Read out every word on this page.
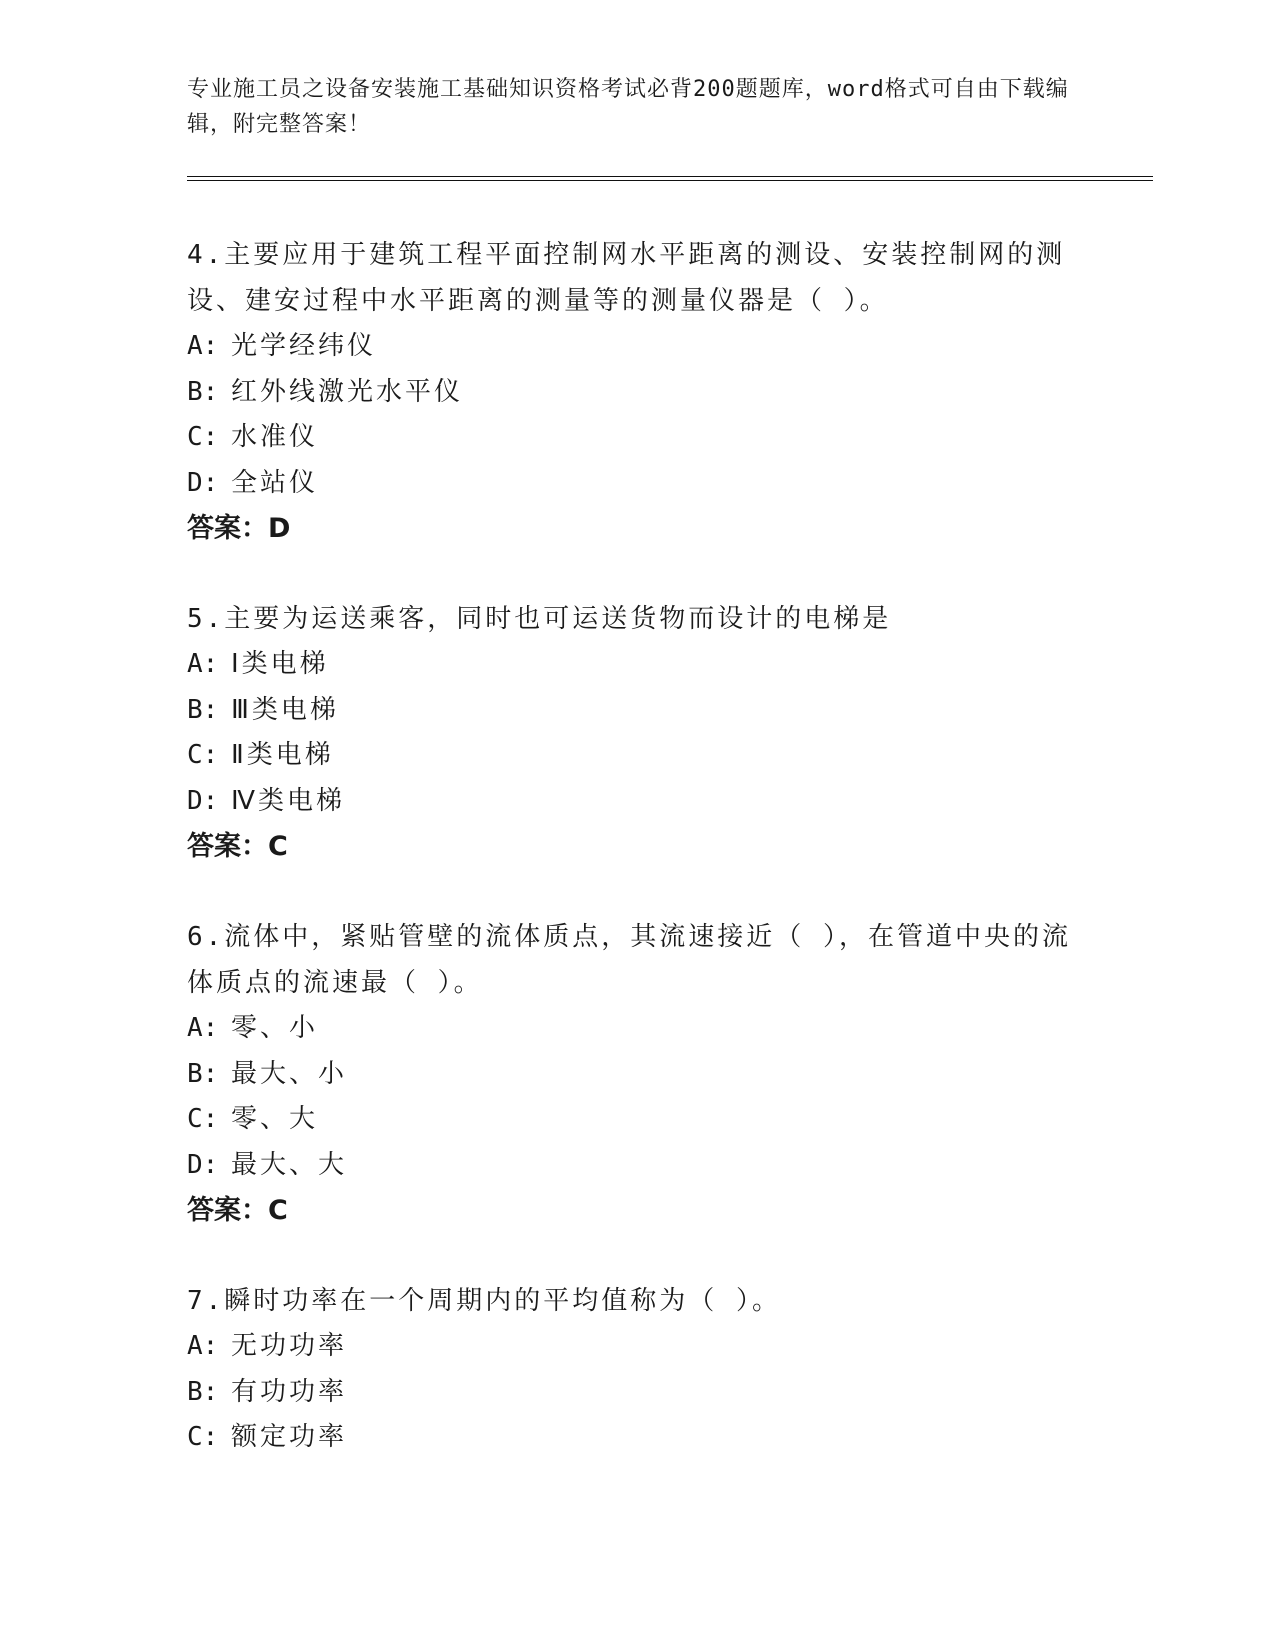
专业施工员之设备安装施工基础知识资格考试必背200题题库，word格式可自由下载编辑，附完整答案！

4.主要应用于建筑工程平面控制网水平距离的测设、安装控制网的测设、建安过程中水平距离的测量等的测量仪器是（ ）。

A: 光学经纬仪

B: 红外线激光水平仪

C: 水准仪

D: 全站仪

答案：D

5.主要为运送乘客，同时也可运送货物而设计的电梯是

A: Ⅰ类电梯

B: Ⅲ类电梯

C: Ⅱ类电梯

D: Ⅳ类电梯

答案：C

6.流体中，紧贴管壁的流体质点，其流速接近（ ），在管道中央的流体质点的流速最（ ）。

A: 零、小

B: 最大、小

C: 零、大

D: 最大、大

答案：C

7.瞬时功率在一个周期内的平均值称为（ ）。

A: 无功功率

B: 有功功率

C: 额定功率
